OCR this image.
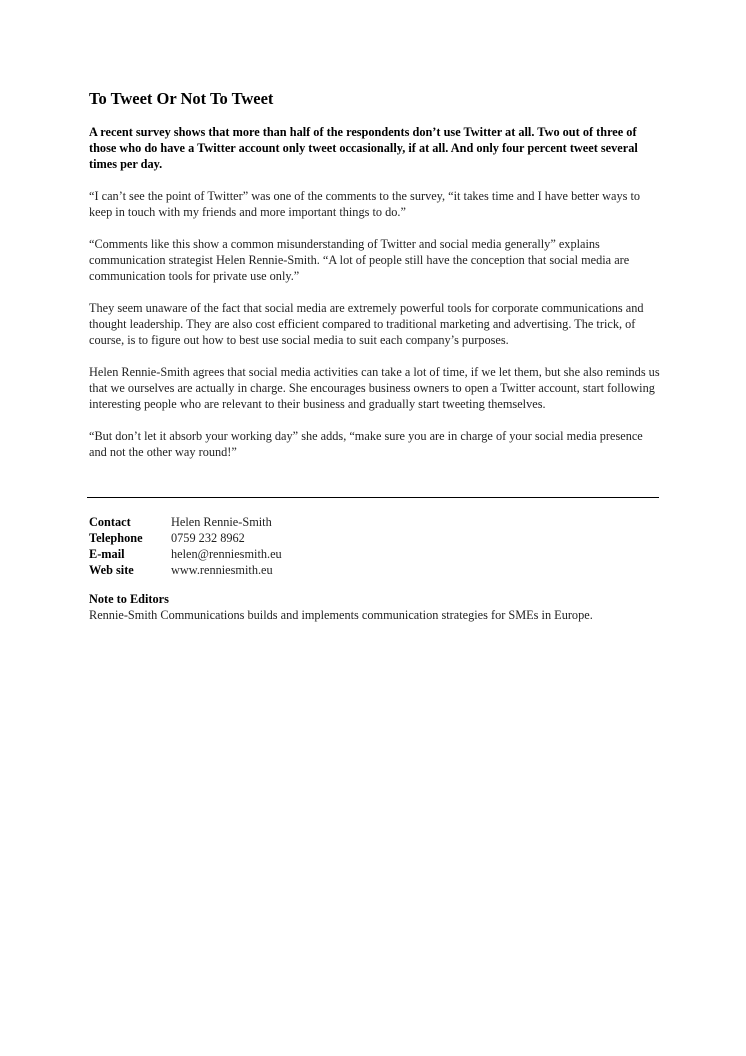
To Tweet Or Not To Tweet

A recent survey shows that more than half of the respondents don’t use Twitter at all. Two out of three of those who do have a Twitter account only tweet occasionally, if at all. And only four percent tweet several times per day.

“I can’t see the point of Twitter” was one of the comments to the survey, “it takes time and I have better ways to keep in touch with my friends and more important things to do.”

“Comments like this show a common misunderstanding of Twitter and social media generally” explains communication strategist Helen Rennie-Smith. “A lot of people still have the conception that social media are communication tools for private use only.”

They seem unaware of the fact that social media are extremely powerful tools for corporate communications and thought leadership. They are also cost efficient compared to traditional marketing and advertising. The trick, of course, is to figure out how to best use social media to suit each company’s purposes.

Helen Rennie-Smith agrees that social media activities can take a lot of time, if we let them, but she also reminds us that we ourselves are actually in charge. She encourages business owners to open a Twitter account, start following interesting people who are relevant to their business and gradually start tweeting themselves.

“But don’t let it absorb your working day” she adds, “make sure you are in charge of your social media presence and not the other way round!”

Contact	Helen Rennie-Smith
Telephone	0759 232 8962
E-mail	helen@renniesmith.eu
Web site	www.renniesmith.eu
Note to Editors
Rennie-Smith Communications builds and implements communication strategies for SMEs in Europe.
